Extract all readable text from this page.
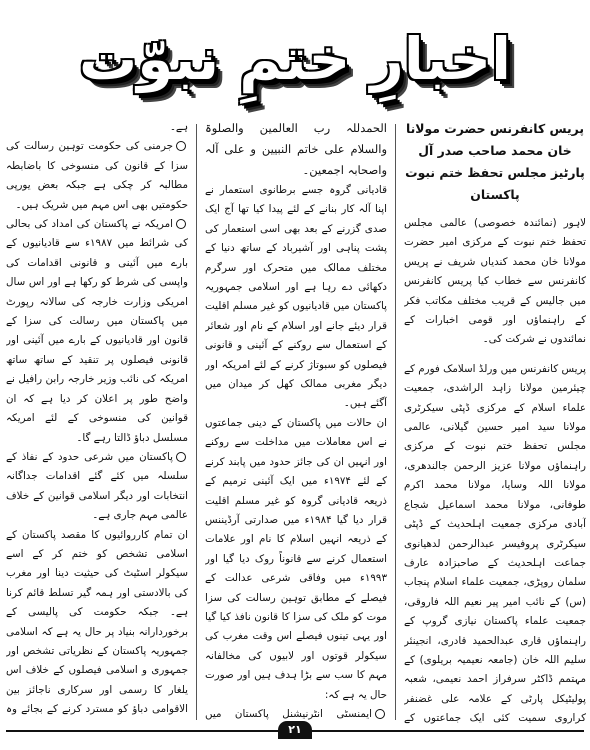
اخبارِ ختمِ نبوّت

پریس کانفرنس حضرت مولانا خان محمد صاحب صدر آل پارٹیز مجلس تحفظ ختم نبوت پاکستان

لاہور (نمائندہ خصوصی) عالمی مجلس تحفظ ختم نبوت کے مرکزی امیر حضرت مولانا خان محمد کندیاں شریف نے پریس کانفرنس سے خطاب کیا پریس کانفرنس میں جالیس کے قریب مختلف مکاتب فکر کے راہنماؤں اور قومی اخبارات کے نمائندوں نے شرکت کی۔

پریس کانفرنس میں ورلڈ اسلامک فورم کے چیئرمین مولانا زاہد الراشدی، جمعیت علماء اسلام کے مرکزی ڈپٹی سیکرٹری مولانا سید امیر حسین گیلانی، عالمی مجلس تحفظ ختم نبوت کے مرکزی راہنماؤں مولانا عزیز الرحمن جالندھری، مولانا اللہ وسایا، مولانا محمد اکرم طوفانی، مولانا محمد اسماعیل شجاع آبادی مرکزی جمعیت اہلحدیث کے ڈپٹی سیکرٹری پروفیسر عبدالرحمن لدھیانوی جماعت اہلحدیث کے صاحبزادہ عارف سلمان روپڑی، جمعیت علماء اسلام پنجاب (س) کے نائب امیر پیر نعیم اللہ فاروقی، جمعیت علماء پاکستان نیازی گروپ کے راہنماؤں قاری عبدالحمید قادری، انجینئر سلیم اللہ خان (جامعہ نعیمیہ بریلوی) کے مہتمم ڈاکٹر سرفراز احمد نعیمی، شعبہ پولیٹیکل پارٹی کے علامہ علی غضنفر کراروی سمیت کئی ایک جماعتوں کے

الحمدللہ رب العالمین والصلوۃ والسلام علی خاتم النبیین و علی آلہ واصحابہ اجمعین۔

قادیانی گروہ جسے برطانوی استعمار نے اپنا آلہ کار بنانے کے لئے پیدا کیا تھا آج ایک صدی گزرنے کے بعد بھی اسی استعمار کی پشت پناہی اور آشیرباد کے ساتھ دنیا کے مختلف ممالک میں متحرک اور سرگرم دکھائی دے رہا ہے اور اسلامی جمہوریہ پاکستان میں قادیانیوں کو غیر مسلم اقلیت قرار دیئے جانے اور اسلام کے نام اور شعائر کے استعمال سے روکنے کے آئینی و قانونی فیصلوں کو سبوتاژ کرنے کے لئے امریکہ اور دیگر مغربی ممالک کھل کر میدان میں آگئے ہیں۔

ان حالات میں پاکستان کے دینی جماعتوں نے اس معاملات میں مداخلت سے روکنے اور انہیں ان کی جائز حدود میں پابند کرنے کے لئے ۱۹۷۴ء میں ایک آئینی ترمیم کے ذریعہ قادیانی گروہ کو غیر مسلم اقلیت قرار دیا گیا ۱۹۸۴ء میں صدارتی آرڈیننس کے ذریعہ انہیں اسلام کا نام اور علامات استعمال کرنے سے قانوناً روک دیا گیا اور ۱۹۹۳ء میں وفاقی شرعی عدالت کے فیصلے کے مطابق توہین رسالت کی سزا موت کو ملک کی سزا کا قانون نافذ کیا گیا اور یہی تینوں فیصلے اس وقت مغرب کی سیکولر قوتوں اور لابیوں کی مخالفانہ مہم کا سب سے بڑا ہدف ہیں اور صورت حال یہ ہے کہ:

ایمنسٹی انٹرنیشنل پاکستان میں

ہے۔

جرمنی کی حکومت توہین رسالت کی سزا کے قانون کی منسوخی کا باضابطہ مطالبہ کر چکی ہے جبکہ بعض یورپی حکومتیں بھی اس مہم میں شریک ہیں۔

امریکہ نے پاکستان کی امداد کی بحالی کی شرائط میں ۱۹۸۷ء سے قادیانیوں کے بارے میں آئینی و قانونی اقدامات کی واپسی کی شرط کو رکھا ہے اور اس سال امریکی وزارت خارجہ کی سالانہ رپورٹ میں پاکستان میں رسالت کی سزا کے قانون اور قادیانیوں کے بارے میں آئینی اور قانونی فیصلوں پر تنقید کے ساتھ ساتھ امریکہ کی نائب وزیر خارجہ رابن رافیل نے واضح طور پر اعلان کر دیا ہے کہ ان قوانین کی منسوخی کے لئے امریکہ مسلسل دباؤ ڈالتا رہے گا۔

پاکستان میں شرعی حدود کے نفاذ کے سلسلہ میں کئے گئے اقدامات جداگانہ انتخابات اور دیگر اسلامی قوانین کے خلاف عالمی مہم جاری ہے۔

ان تمام کارروائیوں کا مقصد پاکستان کے اسلامی تشخص کو ختم کر کے اسے سیکولر اسٹیٹ کی حیثیت دینا اور مغرب کی بالادستی اور ہمہ گیر تسلط قائم کرنا ہے۔ جبکہ حکومت کی پالیسی کے برخوردارانہ بنیاد پر حال یہ ہے کہ اسلامی جمہوریہ پاکستان کے نظریاتی تشخص اور جمہوری و اسلامی فیصلوں کے خلاف اس یلغار کا رسمی اور سرکاری ناجائز بین الاقوامی دباؤ کو مسترد کرنے کے بجائے وہ

۲۱
